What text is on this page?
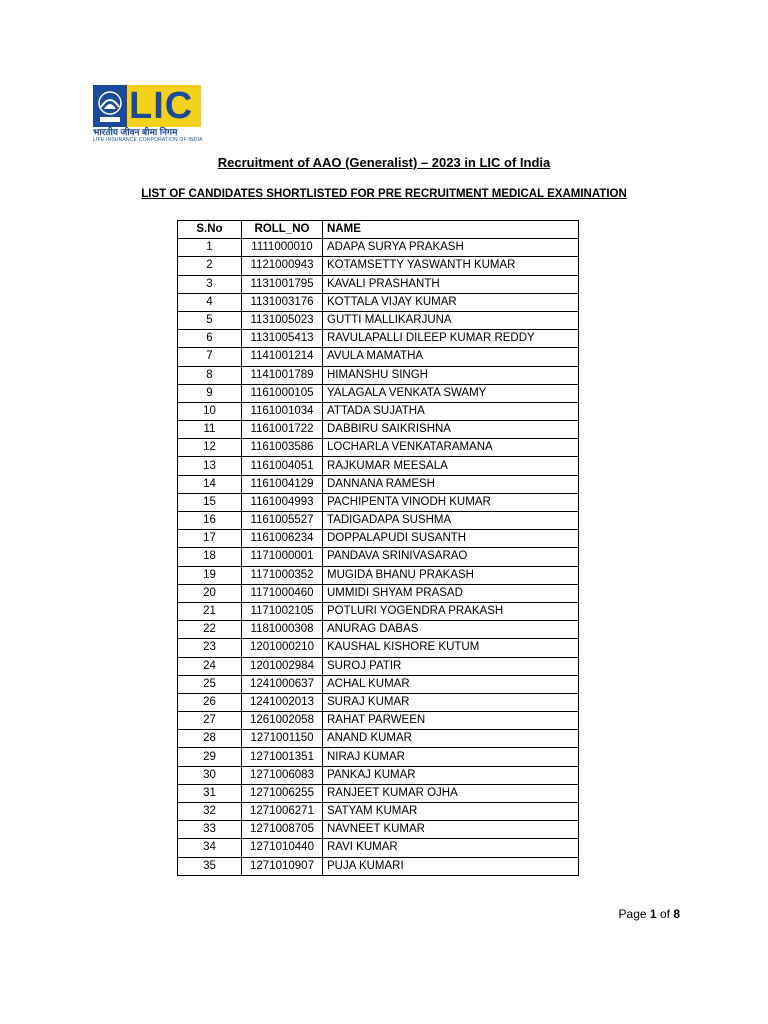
LIC
भारतीय जीवन बीमा निगम
LIFE INSURANCE CORPORATION OF INDIA
Recruitment of AAO (Generalist) – 2023 in LIC of India
LIST OF CANDIDATES SHORTLISTED FOR PRE RECRUITMENT MEDICAL EXAMINATION
S.No	ROLL_NO	NAME
1	1111000010	ADAPA SURYA PRAKASH
2	1121000943	KOTAMSETTY YASWANTH KUMAR
3	1131001795	KAVALI PRASHANTH
4	1131003176	KOTTALA VIJAY KUMAR
5	1131005023	GUTTI MALLIKARJUNA
6	1131005413	RAVULAPALLI DILEEP KUMAR REDDY
7	1141001214	AVULA MAMATHA
8	1141001789	HIMANSHU SINGH
9	1161000105	YALAGALA VENKATA SWAMY
10	1161001034	ATTADA SUJATHA
11	1161001722	DABBIRU SAIKRISHNA
12	1161003586	LOCHARLA VENKATARAMANA
13	1161004051	RAJKUMAR MEESALA
14	1161004129	DANNANA RAMESH
15	1161004993	PACHIPENTA VINODH KUMAR
16	1161005527	TADIGADAPA SUSHMA
17	1161006234	DOPPALAPUDI SUSANTH
18	1171000001	PANDAVA SRINIVASARAO
19	1171000352	MUGIDA BHANU PRAKASH
20	1171000460	UMMIDI SHYAM PRASAD
21	1171002105	POTLURI YOGENDRA PRAKASH
22	1181000308	ANURAG DABAS
23	1201000210	KAUSHAL KISHORE KUTUM
24	1201002984	SUROJ PATIR
25	1241000637	ACHAL KUMAR
26	1241002013	SURAJ KUMAR
27	1261002058	RAHAT PARWEEN
28	1271001150	ANAND KUMAR
29	1271001351	NIRAJ KUMAR
30	1271006083	PANKAJ KUMAR
31	1271006255	RANJEET KUMAR OJHA
32	1271006271	SATYAM KUMAR
33	1271008705	NAVNEET KUMAR
34	1271010440	RAVI KUMAR
35	1271010907	PUJA KUMARI
Page 1 of 8
